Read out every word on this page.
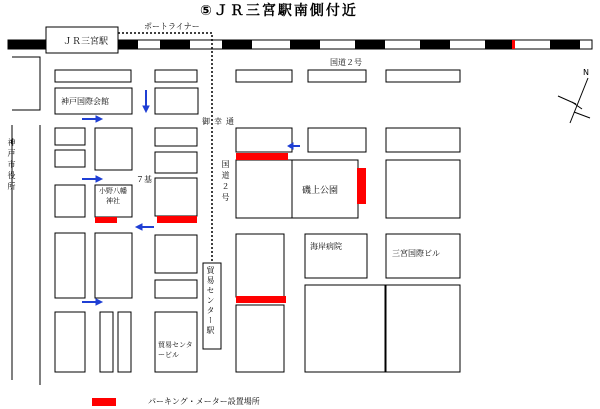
⑤ＪＲ三宮駅南側付近
ＪＲ三宮駅
ポートライナー
国道２号
神戸国際会館
御幸通
神戸市役所	７基
小野八幡神社	国道２号	磯上公園
海岸病院
三宮国際ビル
貿易センター駅
貿易センタービル
N
パーキング・メーター設置場所
